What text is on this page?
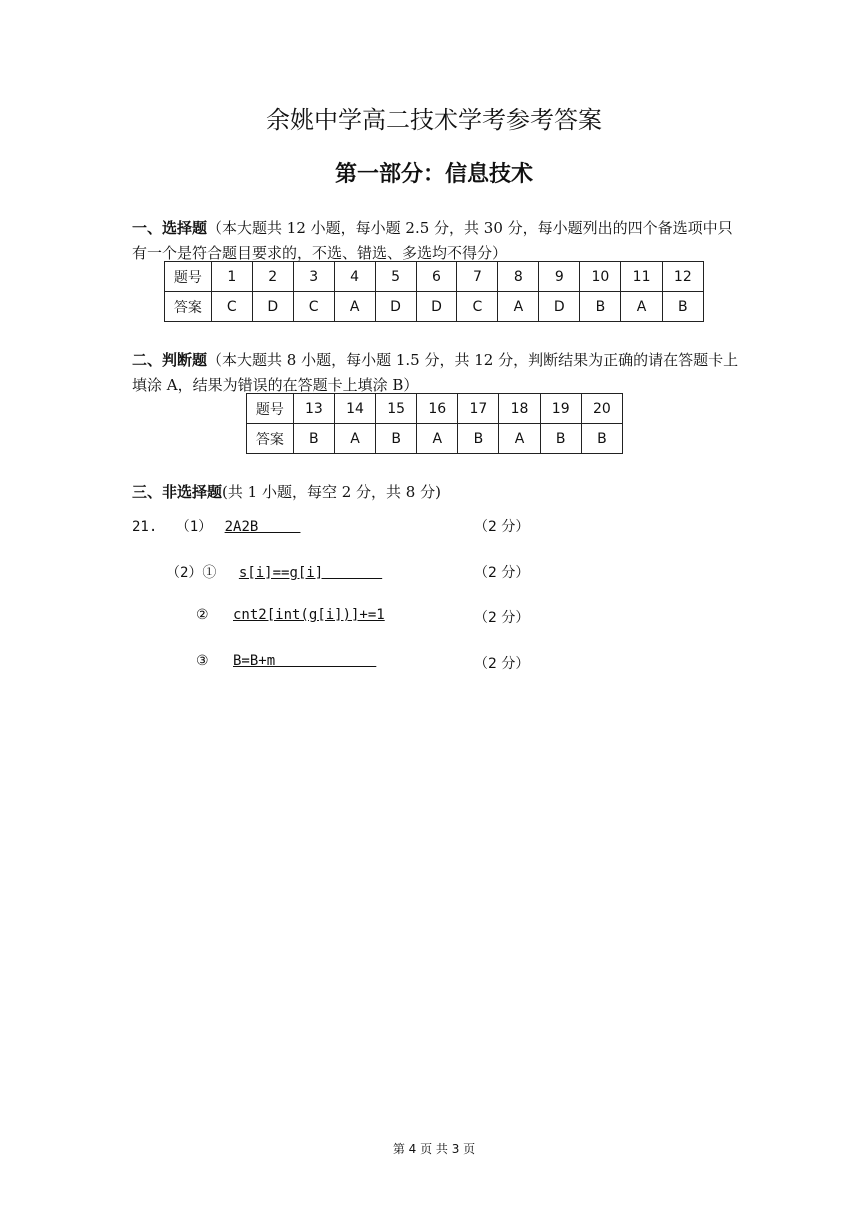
余姚中学高二技术学考参考答案
第一部分：信息技术
一、选择题（本大题共 12 小题，每小题 2.5 分，共 30 分，每小题列出的四个备选项中只有一个是符合题目要求的，不选、错选、多选均不得分）
题号	1	2	3	4	5	6	7	8	9	10	11	12
答案	C	D	C	A	D	D	C	A	D	B	A	B
二、判断题（本大题共 8 小题，每小题 1.5 分，共 12 分，判断结果为正确的请在答题卡上填涂 A，结果为错误的在答题卡上填涂 B）
题号	13	14	15	16	17	18	19	20
答案	B	A	B	A	B	A	B	B
三、非选择题(共 1 小题，每空 2 分，共 8 分)
21. （1） 2A2B	（2 分）
（2）① s[i]==g[i]	（2 分）
② cnt2[int(g[i])]+=1	（2 分）
③ B=B+m	（2 分）
第 4 页 共 3 页
